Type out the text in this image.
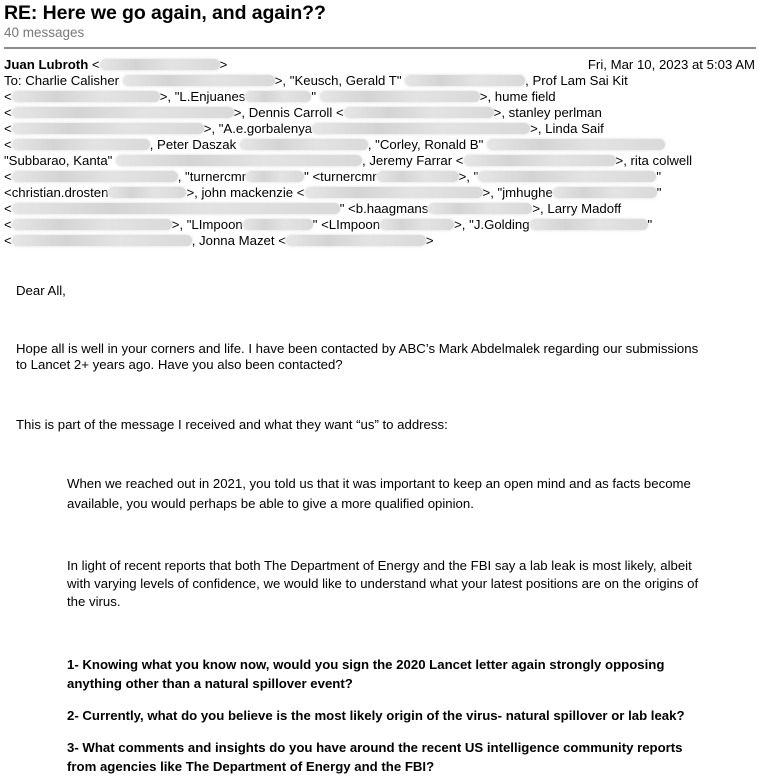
RE: Here we go again, and again??
40 messages
Juan Lubroth <	>	Fri, Mar 10, 2023 at 5:03 AM
To: Charlie Calisher	>, "Keusch, Gerald T"	, Prof Lam Sai Kit
<	>, "L.Enjuanes	"	>, hume field
<	>, Dennis Carroll <	>, stanley perlman
<	>, "A.e.gorbalenya	>, Linda Saif
<	, Peter Daszak	, "Corley, Ronald B"
"Subbarao, Kanta"	, Jeremy Farrar <	>, rita colwell
<	, "turnercmr	" <turnercmr	>, "	"
<christian.drosten	>, john mackenzie <	>, "jmhughe	"
<	" <b.haagmans	>, Larry Madoff
<	>, "LImpoon	" <LImpoon	>, "J.Golding	"
<	, Jonna Mazet <	>
Dear All,
Hope all is well in your corners and life. I have been contacted by ABC’s Mark Abdelmalek regarding our submissions
to Lancet 2+ years ago. Have you also been contacted?
This is part of the message I received and what they want “us” to address:
When we reached out in 2021, you told us that it was important to keep an open mind and as facts become
available, you would perhaps be able to give a more qualified opinion.
In light of recent reports that both The Department of Energy and the FBI say a lab leak is most likely, albeit
with varying levels of confidence, we would like to understand what your latest positions are on the origins of
the virus.
1- Knowing what you know now, would you sign the 2020 Lancet letter again strongly opposing
anything other than a natural spillover event?
2- Currently, what do you believe is the most likely origin of the virus- natural spillover or lab leak?
3- What comments and insights do you have around the recent US intelligence community reports
from agencies like The Department of Energy and the FBI?
